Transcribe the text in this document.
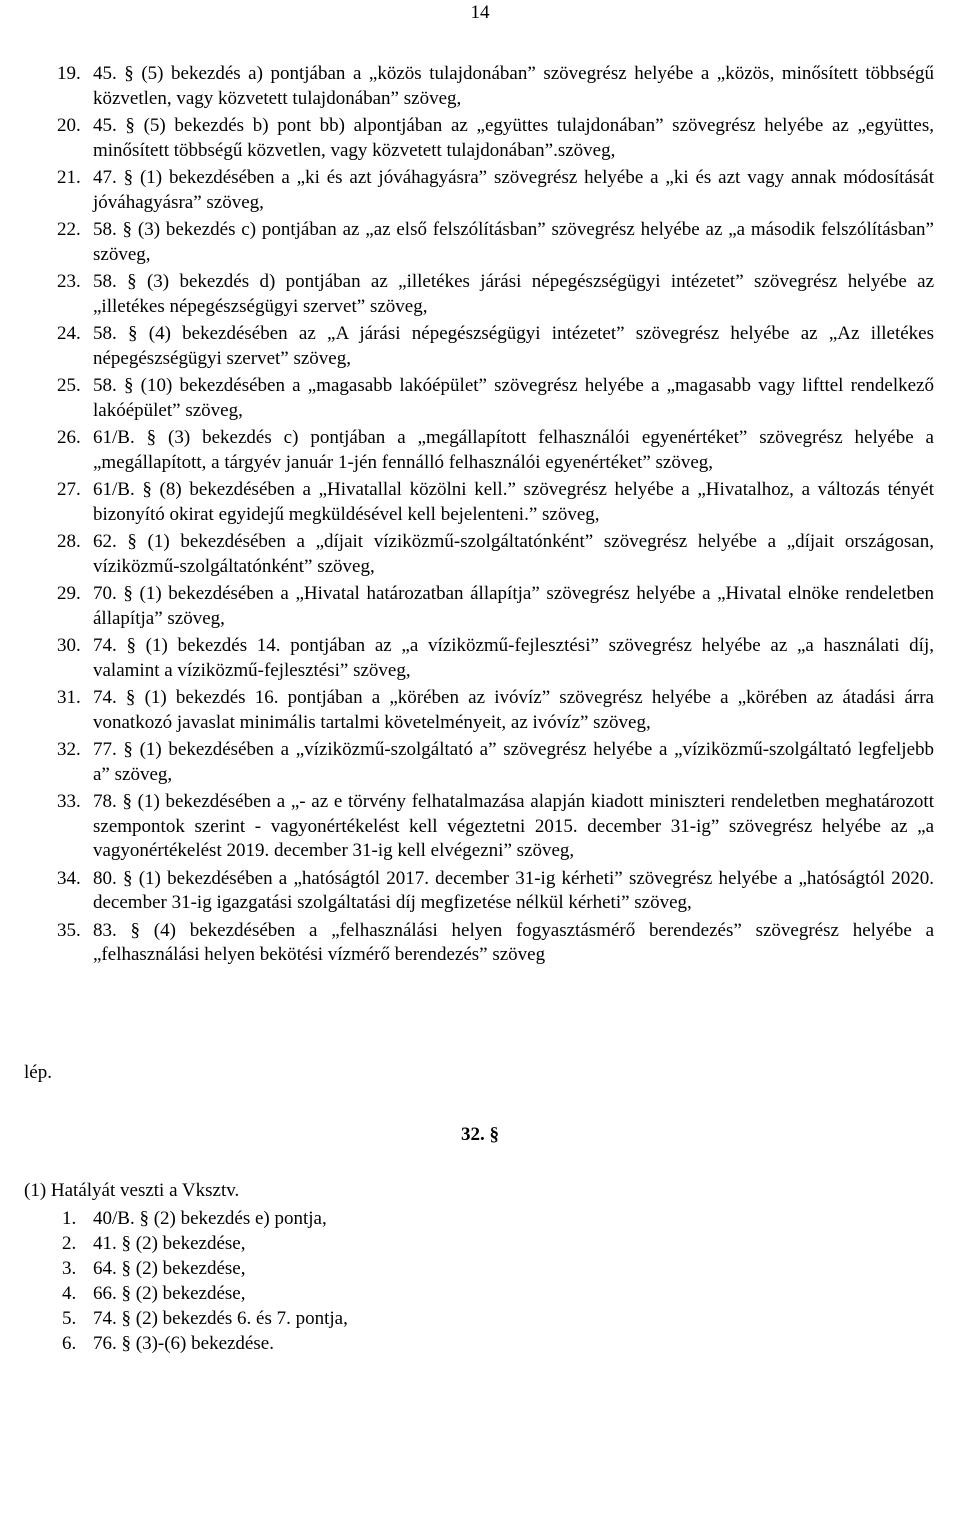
14
19. 45. § (5) bekezdés a) pontjában a „közös tulajdonában” szövegrész helyébe a „közös, minősített többségű közvetlen, vagy közvetett tulajdonában” szöveg,
20. 45. § (5) bekezdés b) pont bb) alpontjában az „együttes tulajdonában” szövegrész helyébe az „együttes, minősített többségű közvetlen, vagy közvetett tulajdonában”.szöveg,
21. 47. § (1) bekezdésében a „ki és azt jóváhagyásra” szövegrész helyébe a „ki és azt vagy annak módosítását jóváhagyásra” szöveg,
22. 58. § (3) bekezdés c) pontjában az „az első felszólításban” szövegrész helyébe az „a második felszólításban” szöveg,
23. 58. § (3) bekezdés d) pontjában az „illetékes járási népegészségügyi intézetet” szövegrész helyébe az „illetékes népegészségügyi szervet” szöveg,
24. 58. § (4) bekezdésében az „A járási népegészségügyi intézetet” szövegrész helyébe az „Az illetékes népegészségügyi szervet” szöveg,
25. 58. § (10) bekezdésében a „magasabb lakóépület” szövegrész helyébe a „magasabb vagy lifttel rendelkező lakóépület” szöveg,
26. 61/B. § (3) bekezdés c) pontjában a „megállapított felhasználói egyenértéket” szövegrész helyébe a „megállapított, a tárgyév január 1-jén fennálló felhasználói egyenértéket” szöveg,
27. 61/B. § (8) bekezdésében a „Hivatallal közölni kell.” szövegrész helyébe a „Hivatalhoz, a változás tényét bizonyító okirat egyidejű megküldésével kell bejelenteni.” szöveg,
28. 62. § (1) bekezdésében a „díjait víziközmű-szolgáltatónként” szövegrész helyébe a „díjait országosan, víziközmű-szolgáltatónként” szöveg,
29. 70. § (1) bekezdésében a „Hivatal határozatban állapítja” szövegrész helyébe a „Hivatal elnöke rendeletben állapítja” szöveg,
30. 74. § (1) bekezdés 14. pontjában az „a víziközmű-fejlesztési” szövegrész helyébe az „a használati díj, valamint a víziközmű-fejlesztési” szöveg,
31. 74. § (1) bekezdés 16. pontjában a „körében az ivóvíz” szövegrész helyébe a „körében az átadási árra vonatkozó javaslat minimális tartalmi követelményeit, az ivóvíz” szöveg,
32. 77. § (1) bekezdésében a „víziközmű-szolgáltató a” szövegrész helyébe a „víziközmű-szolgáltató legfeljebb a” szöveg,
33. 78. § (1) bekezdésében a „- az e törvény felhatalmazása alapján kiadott miniszteri rendeletben meghatározott szempontok szerint - vagyonértékelést kell végeztetni 2015. december 31-ig” szövegrész helyébe az „a vagyonértékelést 2019. december 31-ig kell elvégezni” szöveg,
34. 80. § (1) bekezdésében a „hatóságtól 2017. december 31-ig kérheti” szövegrész helyébe a „hatóságtól 2020. december 31-ig igazgatási szolgáltatási díj megfizetése nélkül kérheti” szöveg,
35. 83. § (4) bekezdésében a „felhasználási helyen fogyasztásmérő berendezés” szövegrész helyébe a „felhasználási helyen bekötési vízmérő berendezés” szöveg
lép.
32. §
(1) Hatályát veszti a Vksztv.
1. 40/B. § (2) bekezdés e) pontja,
2. 41. § (2) bekezdése,
3. 64. § (2) bekezdése,
4. 66. § (2) bekezdése,
5. 74. § (2) bekezdés 6. és 7. pontja,
6. 76. § (3)-(6) bekezdése.
